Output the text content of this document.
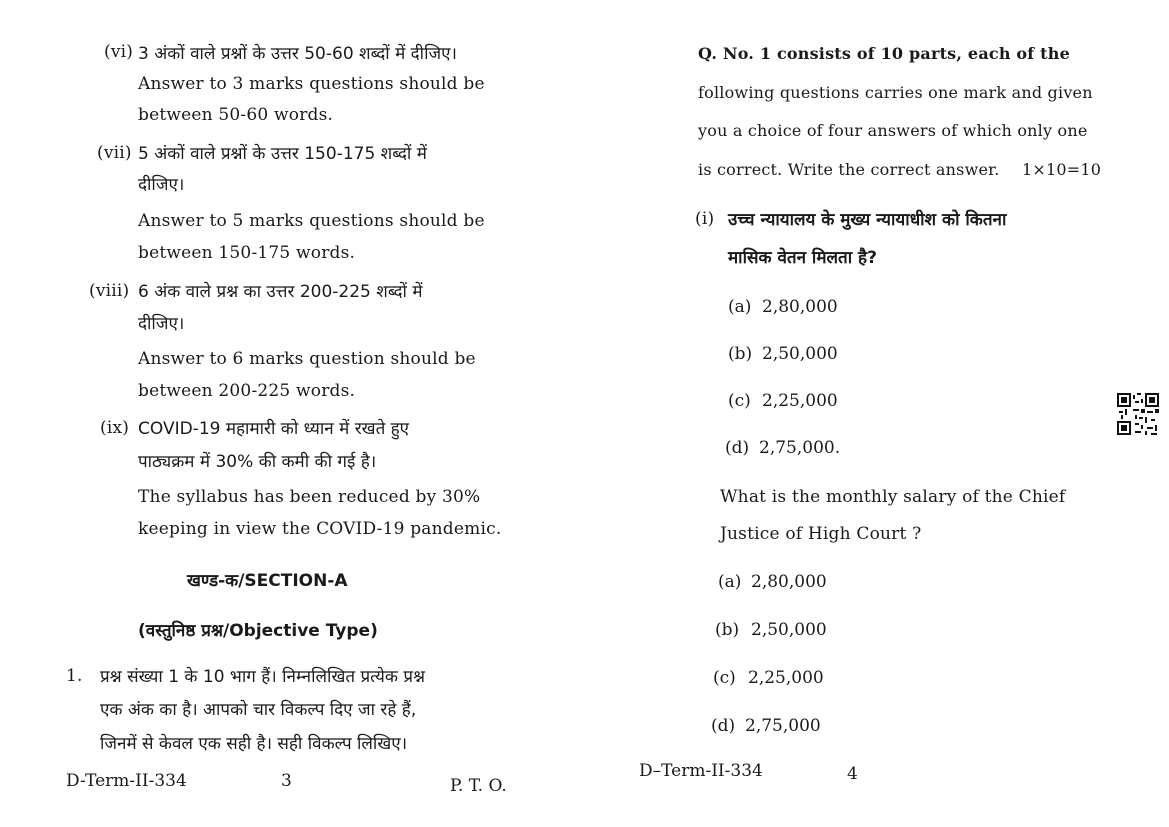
(vi) 3 अंकों वाले प्रश्नों के उत्तर 50-60 शब्दों में दीजिए।
Answer to 3 marks questions should be
between 50-60 words.
(vii) 5 अंकों वाले प्रश्नों के उत्तर 150-175 शब्दों में
दीजिए।
Answer to 5 marks questions should be
between 150-175 words.
(viii) 6 अंक वाले प्रश्न का उत्तर 200-225 शब्दों में
दीजिए।
Answer to 6 marks question should be
between 200-225 words.
(ix) COVID-19 महामारी को ध्यान में रखते हुए
पाठ्यक्रम में 30% की कमी की गई है।
The syllabus has been reduced by 30%
keeping in view the COVID-19 pandemic.
खण्ड-क/SECTION-A
(वस्तुनिष्ठ प्रश्न/Objective Type)
1. प्रश्न संख्या 1 के 10 भाग हैं। निम्नलिखित प्रत्येक प्रश्न
एक अंक का है। आपको चार विकल्प दिए जा रहे हैं,
जिनमें से केवल एक सही है। सही विकल्प लिखिए।
D-Term-II-334	3	P. T. O.
Q. No. 1 consists of 10 parts, each of the
following questions carries one mark and given
you a choice of four answers of which only one
is correct. Write the correct answer. 1×10=10
(i) उच्च न्यायालय के मुख्य न्यायाधीश को कितना
मासिक वेतन मिलता है?
(a) 2,80,000
(b) 2,50,000
(c) 2,25,000
(d) 2,75,000.
What is the monthly salary of the Chief
Justice of High Court ?
(a) 2,80,000
(b) 2,50,000
(c) 2,25,000
(d) 2,75,000
D–Term-II-334	4
